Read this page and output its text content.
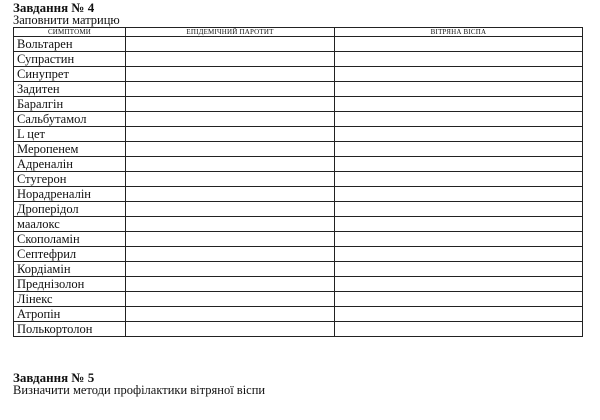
Завдання № 4

Заповнити матрицю

СИМПТОМИ	ЕПІДЕМІЧНИЙ ПАРОТИТ	ВІТРЯНА ВІСПА
Вольтарен		
Супрастин		
Синупрет		
Задитен		
Баралгін		
Сальбутамол		
L цет		
Меропенем		
Адреналін		
Стугерон		
Норадреналін		
Дроперідол		
маалокс		
Скополамін		
Септефрил		
Кордіамін		
Преднізолон		
Лінекс		
Атропін		
Полькортолон		

Завдання № 5

Визначити методи профілактики вітряної віспи
